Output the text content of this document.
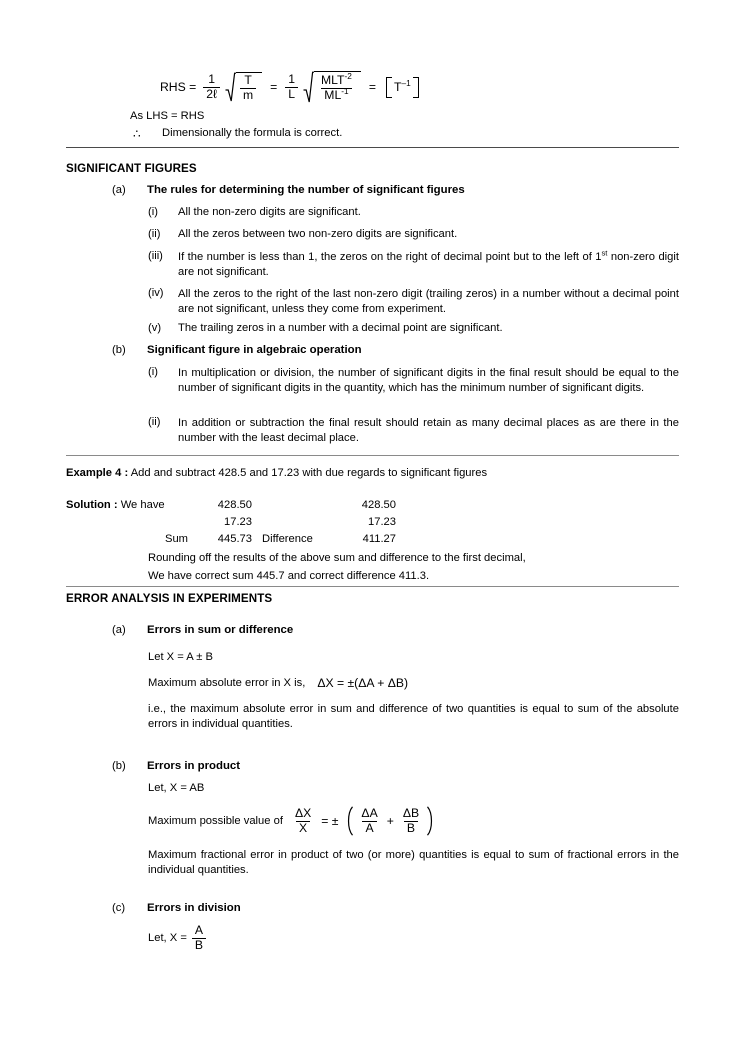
RHS = $\frac{1}{\text{2ℓ}} \frac{T}{m} = \frac{1}{L} \frac{MLT^{-2}}{ML^{-1}} = T^{-1}$
As LHS = RHS
∴ Dimensionally the formula is correct.
SIGNIFICANT FIGURES
(a)	The rules for determining the number of significant figures
(i)	All the non-zero digits are significant.
(ii)	All the zeros between two non-zero digits are significant.
(iii)	If the number is less than 1, the zeros on the right of decimal point but to the left of 1st non-zero digit are not significant.
(iv)	All the zeros to the right of the last non-zero digit (trailing zeros) in a number without a decimal point are not significant, unless they come from experiment.
(v)	The trailing zeros in a number with a decimal point are significant.
(b)	Significant figure in algebraic operation
(i)	In multiplication or division, the number of significant digits in the final result should be equal to the number of significant digits in the quantity, which has the minimum number of significant digits.
(ii)	In addition or subtraction the final result should retain as many decimal places as are there in the number with the least decimal place.
Example 4 : Add and subtract 428.5 and 17.23 with due regards to significant figures
Solution : We have	428.50	428.50
17.23	17.23
Sum	445.73 Difference	411.27
Rounding off the results of the above sum and difference to the first decimal,
We have correct sum 445.7 and correct difference 411.3.
ERROR ANALYSIS IN EXPERIMENTS
(a)	Errors in sum or difference
Let X = A ± B
Maximum absolute error in X is, ΔX = ±(ΔA + ΔB)
i.e., the maximum absolute error in sum and difference of two quantities is equal to sum of the absolute errors in individual quantities.
(b)	Errors in product
Let, X = AB
Maximum possible value of $\frac{\Delta X}{X}$ = ± $\frac{\Delta A}{A} + \frac{\Delta B}{B}$
Maximum fractional error in product of two (or more) quantities is equal to sum of fractional errors in the individual quantities.
(c)	Errors in division
Let, $X = \frac{A}{B}$
